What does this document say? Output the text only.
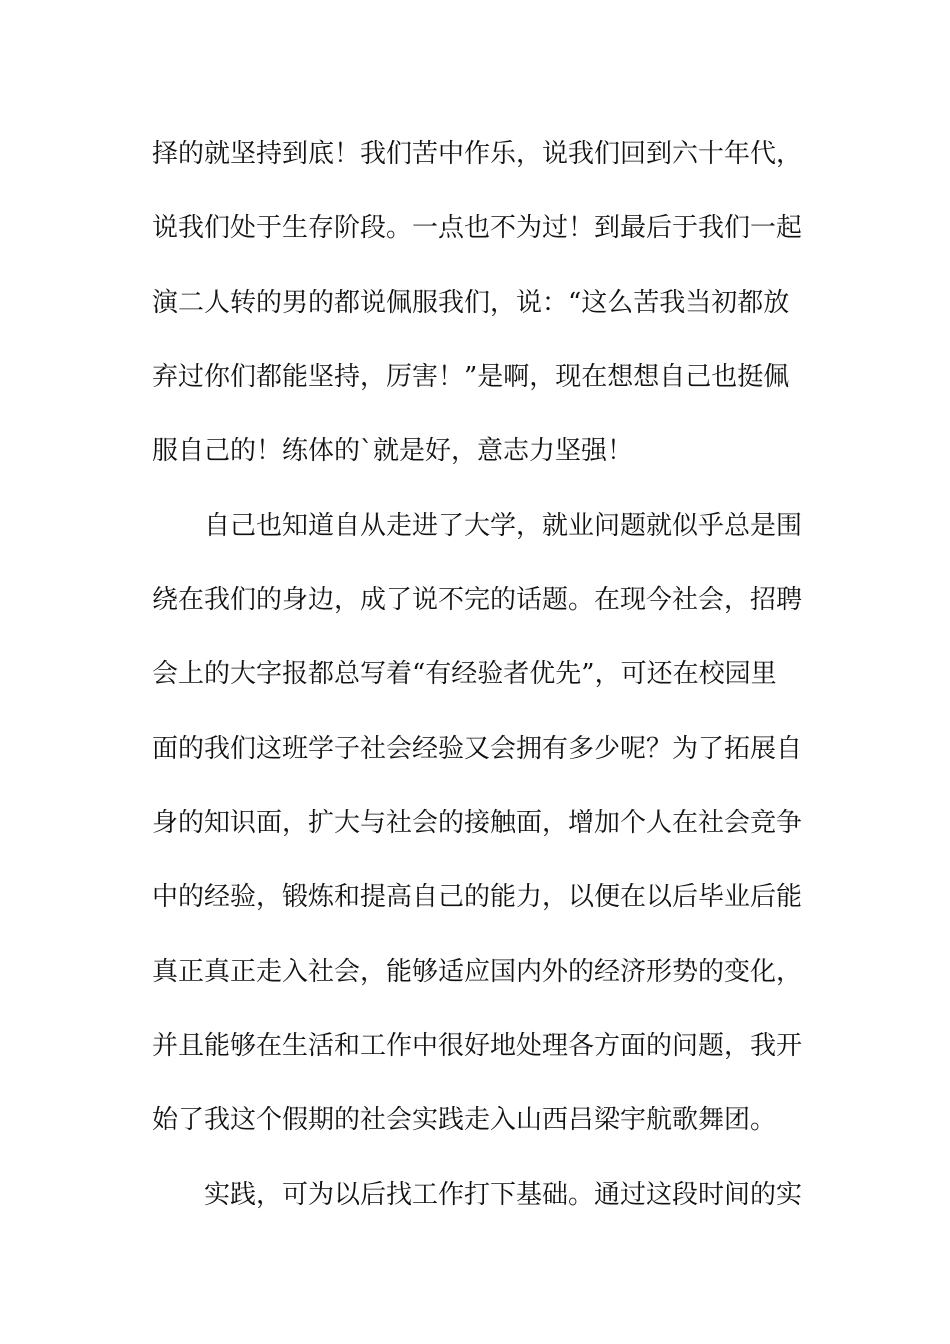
择的就坚持到底！我们苦中作乐，说我们回到六十年代，
说我们处于生存阶段。一点也不为过！到最后于我们一起
演二人转的男的都说佩服我们，说：“这么苦我当初都放
弃过你们都能坚持，厉害！”是啊，现在想想自己也挺佩
服自己的！练体的`就是好，意志力坚强！
自己也知道自从走进了大学，就业问题就似乎总是围
绕在我们的身边，成了说不完的话题。在现今社会，招聘
会上的大字报都总写着“有经验者优先”，可还在校园里
面的我们这班学子社会经验又会拥有多少呢？为了拓展自
身的知识面，扩大与社会的接触面，增加个人在社会竞争
中的经验，锻炼和提高自己的能力，以便在以后毕业后能
真正真正走入社会，能够适应国内外的经济形势的变化，
并且能够在生活和工作中很好地处理各方面的问题，我开
始了我这个假期的社会实践走入山西吕梁宇航歌舞团。
实践，可为以后找工作打下基础。通过这段时间的实
